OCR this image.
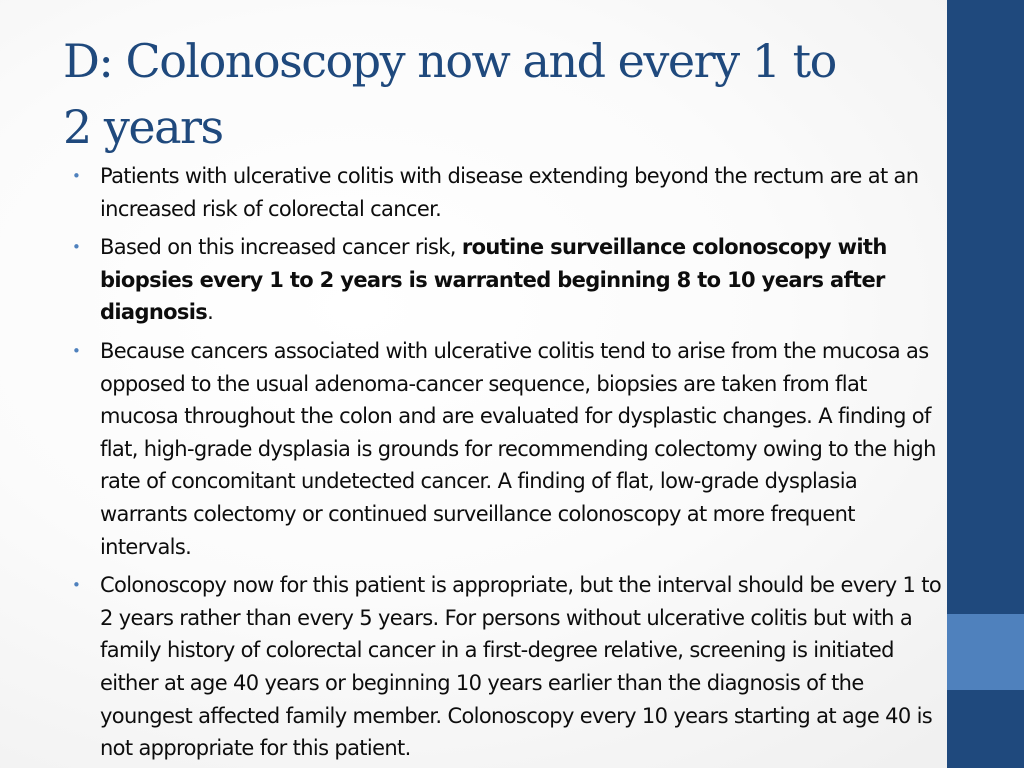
D: Colonoscopy now and every 1 to
2 years
• Patients with ulcerative colitis with disease extending beyond the rectum are at an increased risk of colorectal cancer.
• Based on this increased cancer risk, routine surveillance colonoscopy with biopsies every 1 to 2 years is warranted beginning 8 to 10 years after diagnosis.
• Because cancers associated with ulcerative colitis tend to arise from the mucosa as opposed to the usual adenoma-cancer sequence, biopsies are taken from flat mucosa throughout the colon and are evaluated for dysplastic changes. A finding of flat, high-grade dysplasia is grounds for recommending colectomy owing to the high rate of concomitant undetected cancer. A finding of flat, low-grade dysplasia warrants colectomy or continued surveillance colonoscopy at more frequent intervals.
• Colonoscopy now for this patient is appropriate, but the interval should be every 1 to 2 years rather than every 5 years. For persons without ulcerative colitis but with a family history of colorectal cancer in a first-degree relative, screening is initiated either at age 40 years or beginning 10 years earlier than the diagnosis of the youngest affected family member. Colonoscopy every 10 years starting at age 40 is not appropriate for this patient.
